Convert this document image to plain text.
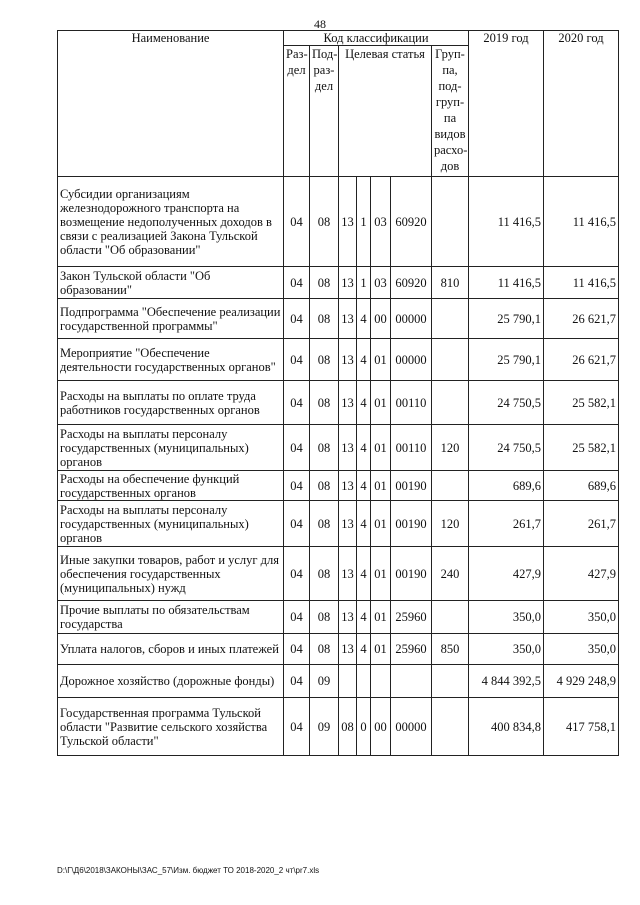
48
Наименование	Код классификации							2019 год	2020 год
	Раз-дел	Под-раз-дел	Целевая статья				Груп-па, под-груп-па видов расхо-дов		
Субсидии организациям железнодорожного транспорта на возмещение недополученных доходов в связи с реализацией Закона Тульской области "Об образовании"	04	08	13	1	03	60920		11 416,5	11 416,5
Закон Тульской области "Об образовании"	04	08	13	1	03	60920	810	11 416,5	11 416,5
Подпрограмма "Обеспечение реализации государственной программы"	04	08	13	4	00	00000		25 790,1	26 621,7
Мероприятие "Обеспечение деятельности государственных органов"	04	08	13	4	01	00000		25 790,1	26 621,7
Расходы на выплаты по оплате труда работников государственных органов	04	08	13	4	01	00110		24 750,5	25 582,1
Расходы на выплаты персоналу государственных (муниципальных) органов	04	08	13	4	01	00110	120	24 750,5	25 582,1
Расходы на обеспечение функций государственных органов	04	08	13	4	01	00190		689,6	689,6
Расходы на выплаты персоналу государственных (муниципальных) органов	04	08	13	4	01	00190	120	261,7	261,7
Иные закупки товаров, работ и услуг для обеспечения государственных (муниципальных) нужд	04	08	13	4	01	00190	240	427,9	427,9
Прочие выплаты по обязательствам государства	04	08	13	4	01	25960		350,0	350,0
Уплата налогов, сборов и иных платежей	04	08	13	4	01	25960	850	350,0	350,0
Дорожное хозяйство (дорожные фонды)	04	09						4 844 392,5	4 929 248,9
Государственная программа Тульской области "Развитие сельского хозяйства Тульской области"	04	09	08	0	00	00000		400 834,8	417 758,1
D:\Г\Д6\2018\ЗАКОНЫ\ЗАС_57\Изм. бюджет ТО 2018-2020_2 чт\pr7.xls
